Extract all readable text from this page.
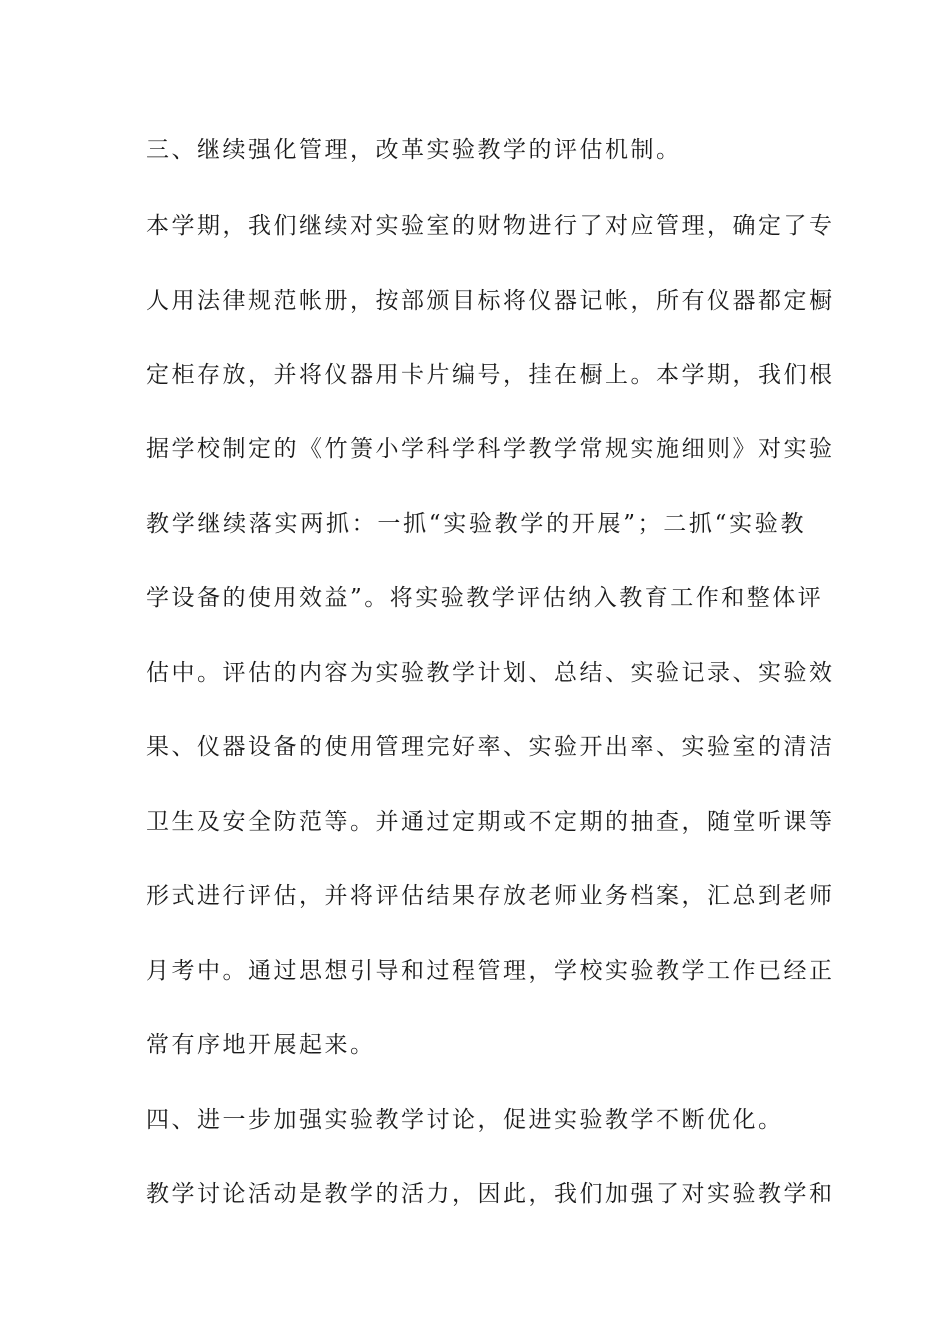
三、继续强化管理，改革实验教学的评估机制。
本学期，我们继续对实验室的财物进行了对应管理，确定了专
人用法律规范帐册，按部颁目标将仪器记帐，所有仪器都定橱
定柜存放，并将仪器用卡片编号，挂在橱上。本学期，我们根
据学校制定的《竹箦小学科学科学教学常规实施细则》对实验
教学继续落实两抓：一抓“实验教学的开展”；二抓“实验教
学设备的使用效益”。将实验教学评估纳入教育工作和整体评
估中。评估的内容为实验教学计划、总结、实验记录、实验效
果、仪器设备的使用管理完好率、实验开出率、实验室的清洁
卫生及安全防范等。并通过定期或不定期的抽查，随堂听课等
形式进行评估，并将评估结果存放老师业务档案，汇总到老师
月考中。通过思想引导和过程管理，学校实验教学工作已经正
常有序地开展起来。
四、进一步加强实验教学讨论，促进实验教学不断优化。
教学讨论活动是教学的活力，因此，我们加强了对实验教学和
